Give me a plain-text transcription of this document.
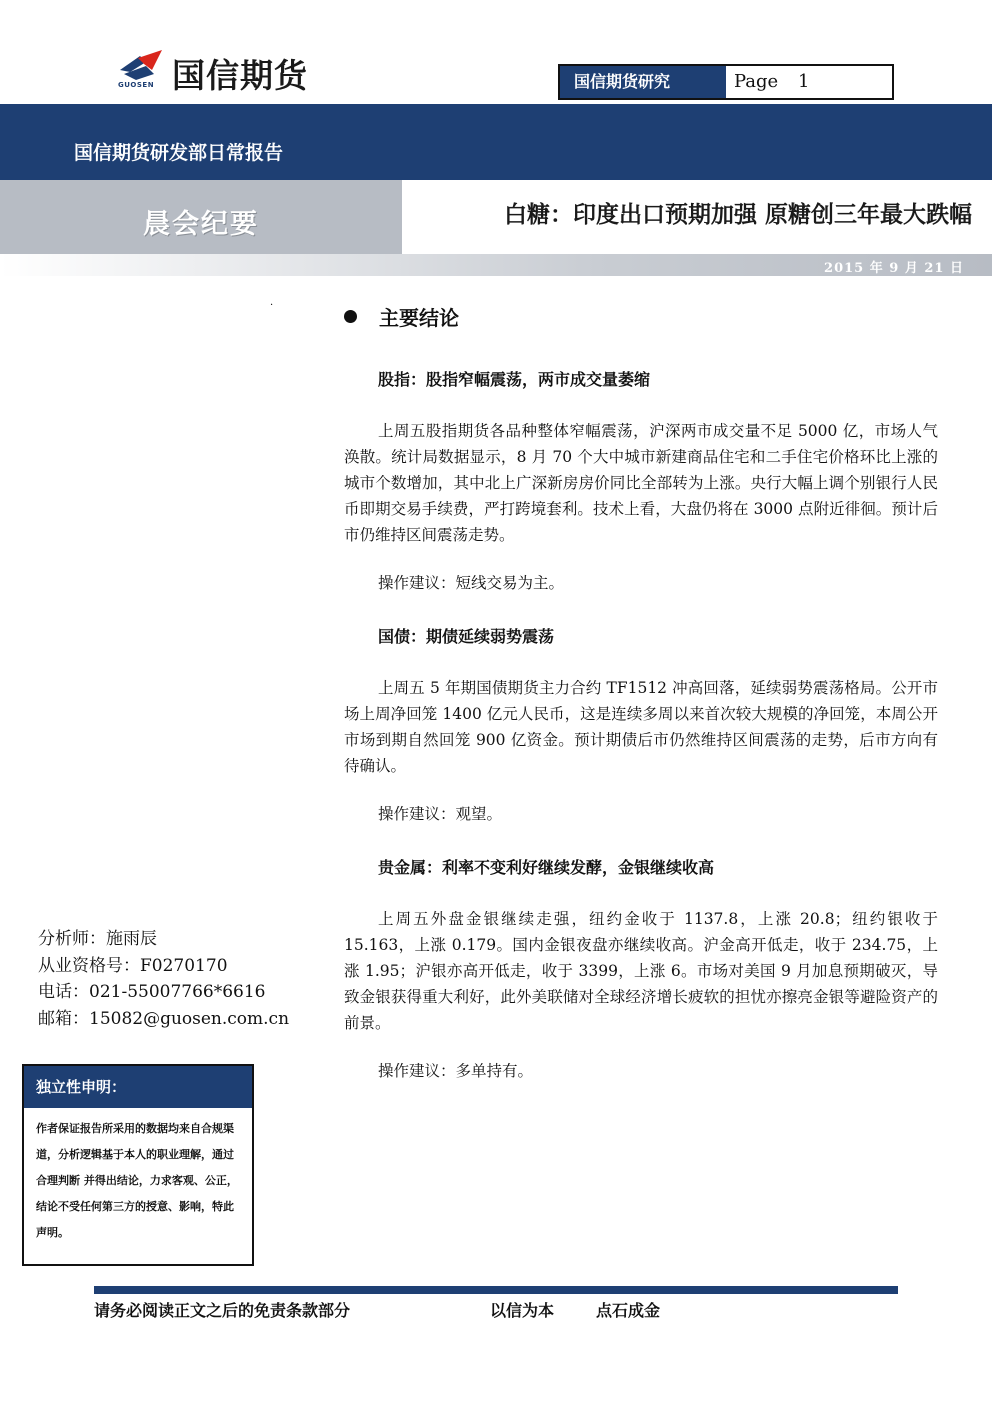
国信期货
GUOSEN	国信期货研究	Page 1
国信期货研发部日常报告
晨会纪要	白糖：印度出口预期加强 原糖创三年最大跌幅
2015 年 9 月 21 日
·
主要结论
股指：股指窄幅震荡，两市成交量萎缩

上周五股指期货各品种整体窄幅震荡，沪深两市成交量不足 5000 亿，市场人气涣散。统计局数据显示，8 月 70 个大中城市新建商品住宅和二手住宅价格环比上涨的城市个数增加，其中北上广深新房房价同比全部转为上涨。央行大幅上调个别银行人民币即期交易手续费，严打跨境套利。技术上看，大盘仍将在 3000 点附近徘徊。预计后市仍维持区间震荡走势。

操作建议：短线交易为主。
国债：期债延续弱势震荡

上周五 5 年期国债期货主力合约 TF1512 冲高回落，延续弱势震荡格局。公开市场上周净回笼 1400 亿元人民币，这是连续多周以来首次较大规模的净回笼，本周公开市场到期自然回笼 900 亿资金。预计期债后市仍然维持区间震荡的走势，后市方向有待确认。

操作建议：观望。
贵金属：利率不变利好继续发酵，金银继续收高

上周五外盘金银继续走强，纽约金收于 1137.8，上涨 20.8；纽约银收于 15.163，上涨 0.179。国内金银夜盘亦继续收高。沪金高开低走，收于 234.75，上涨 1.95；沪银亦高开低走，收于 3399，上涨 6。市场对美国 9 月加息预期破灭，导致金银获得重大利好，此外美联储对全球经济增长疲软的担忧亦擦亮金银等避险资产的前景。

操作建议：多单持有。
分析师：施雨辰
从业资格号：F0270170
电话：021-55007766*6616
邮箱：15082@guosen.com.cn
独立性申明：
作者保证报告所采用的数据均来自合规渠道，分析逻辑基于本人的职业理解，通过合理判断 并得出结论，力求客观、公正，结论不受任何第三方的授意、影响，特此声明。
请务必阅读正文之后的免责条款部分	以信为本	点石成金
